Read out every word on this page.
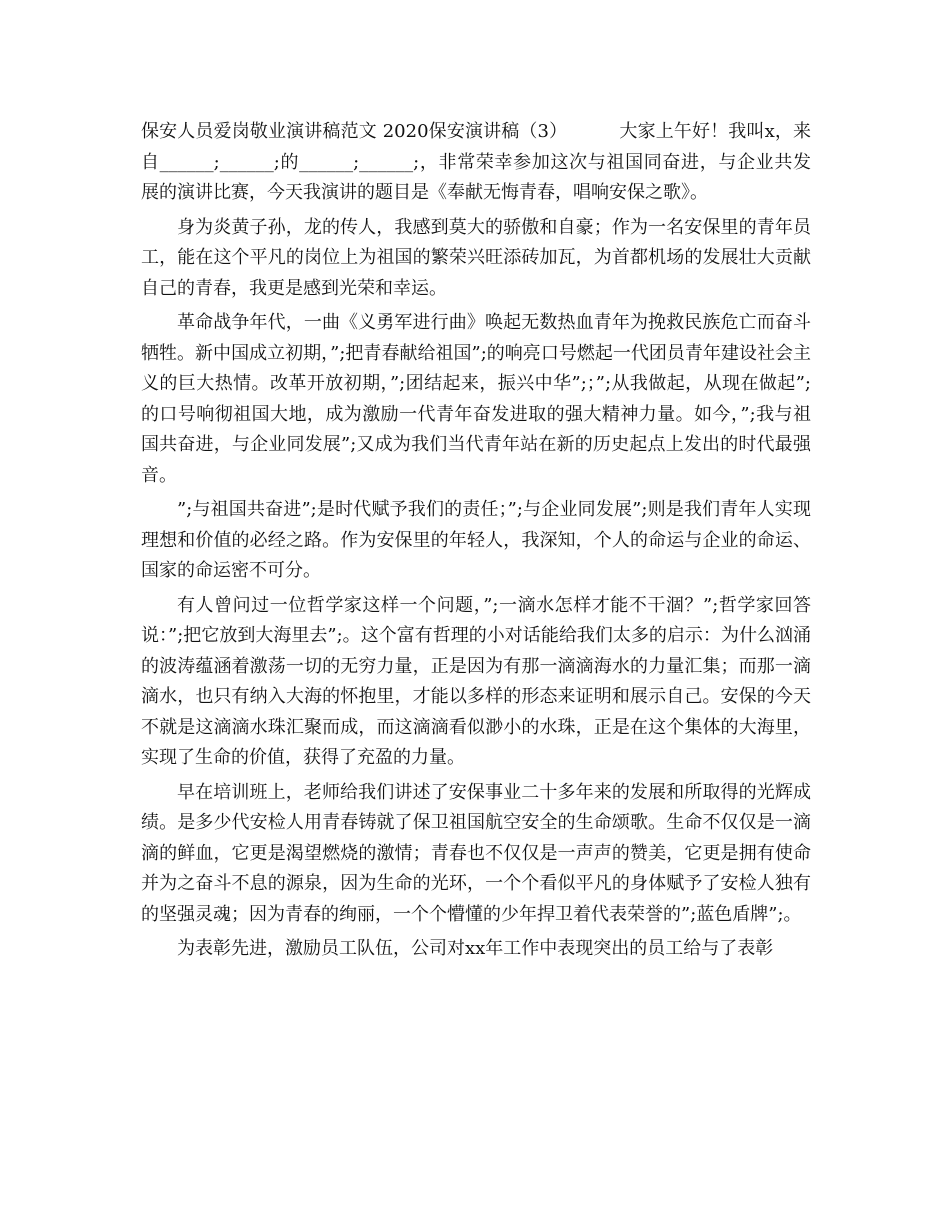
保安人员爱岗敬业演讲稿范文 2020保安演讲稿（3）	大家上午好！我叫x，来自______;______;的______;______;，非常荣幸参加这次与祖国同奋进，与企业共发展的演讲比赛，今天我演讲的题目是《奉献无悔青春，唱响安保之歌》。

身为炎黄子孙，龙的传人，我感到莫大的骄傲和自豪；作为一名安保里的青年员工，能在这个平凡的岗位上为祖国的繁荣兴旺添砖加瓦，为首都机场的发展壮大贡献自己的青春，我更是感到光荣和幸运。

革命战争年代，一曲《义勇军进行曲》唤起无数热血青年为挽救民族危亡而奋斗牺牲。新中国成立初期，”;把青春献给祖国”;的响亮口号燃起一代团员青年建设社会主义的巨大热情。改革开放初期，”;团结起来，振兴中华”;；”;从我做起，从现在做起”;的口号响彻祖国大地，成为激励一代青年奋发进取的强大精神力量。如今，”;我与祖国共奋进，与企业同发展”;又成为我们当代青年站在新的历史起点上发出的时代最强音。

”;与祖国共奋进”;是时代赋予我们的责任；”;与企业同发展”;则是我们青年人实现理想和价值的必经之路。作为安保里的年轻人，我深知，个人的命运与企业的命运、国家的命运密不可分。

有人曾问过一位哲学家这样一个问题，”;一滴水怎样才能不干涸？”;哲学家回答说：”;把它放到大海里去”;。这个富有哲理的小对话能给我们太多的启示：为什么汹涌的波涛蕴涵着激荡一切的无穷力量，正是因为有那一滴滴海水的力量汇集；而那一滴滴水，也只有纳入大海的怀抱里，才能以多样的形态来证明和展示自己。安保的今天不就是这滴滴水珠汇聚而成，而这滴滴看似渺小的水珠，正是在这个集体的大海里，实现了生命的价值，获得了充盈的力量。

早在培训班上，老师给我们讲述了安保事业二十多年来的发展和所取得的光辉成绩。是多少代安检人用青春铸就了保卫祖国航空安全的生命颂歌。生命不仅仅是一滴滴的鲜血，它更是渴望燃烧的激情；青春也不仅仅是一声声的赞美，它更是拥有使命并为之奋斗不息的源泉，因为生命的光环，一个个看似平凡的身体赋予了安检人独有的坚强灵魂；因为青春的绚丽，一个个懵懂的少年捍卫着代表荣誉的”;蓝色盾牌”;。

为表彰先进，激励员工队伍，公司对xx年工作中表现突出的员工给与了表彰
